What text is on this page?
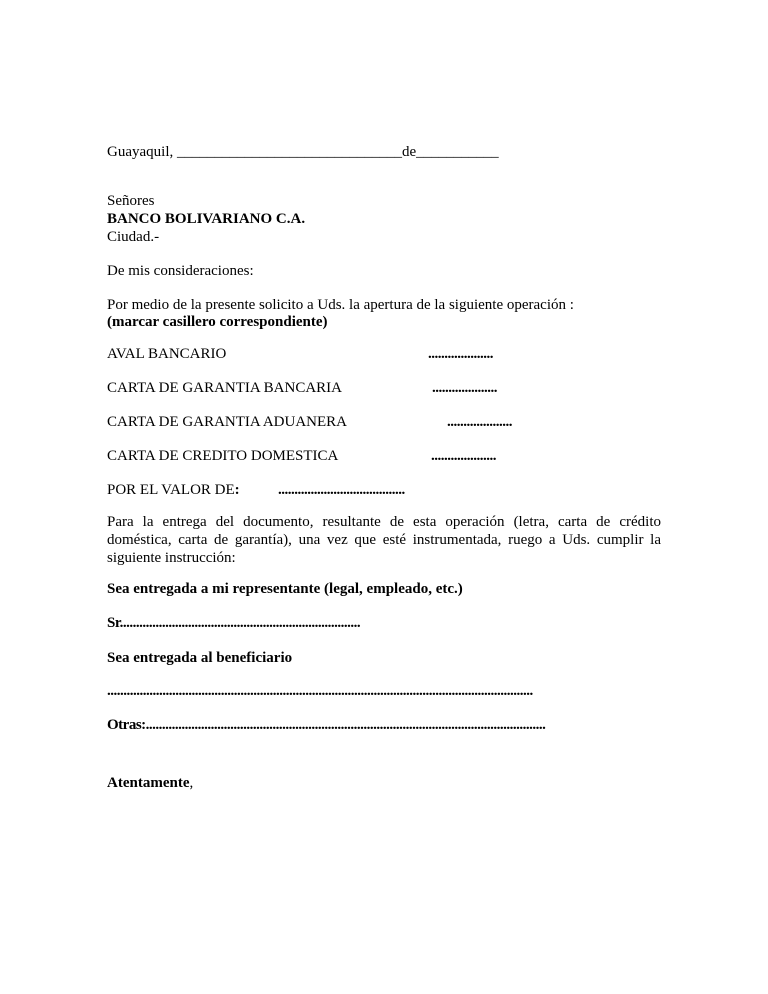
Guayaquil, ______________________________de___________
Señores
BANCO BOLIVARIANO C.A.
Ciudad.-
De mis consideraciones:
Por medio de la presente solicito a Uds. la apertura de la siguiente operación :
(marcar casillero correspondiente)
AVAL BANCARIO	....................
CARTA DE GARANTIA BANCARIA	....................
CARTA DE GARANTIA ADUANERA	....................
CARTA DE CREDITO DOMESTICA	....................
POR EL VALOR DE:	.......................................
Para la entrega del documento, resultante de esta operación (letra, carta de crédito doméstica, carta de garantía), una vez que esté instrumentada, ruego a Uds. cumplir la siguiente instrucción:
Sea entregada a mi representante (legal, empleado, etc.)
Sr..........................................................................
Sea entregada al beneficiario
...................................................................................................................................
Otras:...........................................................................................................................
Atentamente,
